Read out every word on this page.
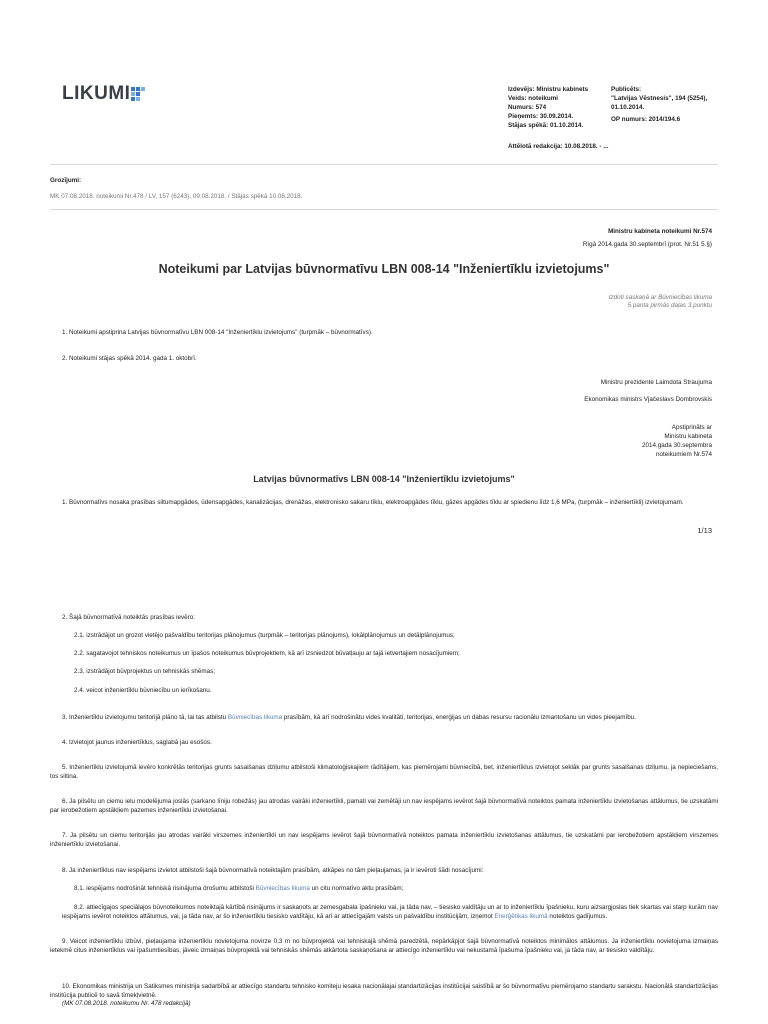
LIKUMI	Izdevējs: Ministru kabinets
Veids: noteikumi
Numurs: 574
Pieņemts: 30.09.2014.
Stājas spēkā: 01.10.2014.
Publicēts:
"Latvijas Vēstnesis", 194 (5254),
01.10.2014.
OP numurs: 2014/194.6
Attēlotā redakcija: 10.08.2018. - ...
Grozījumi:
MK 07.08.2018. noteikumi Nr.478 / LV, 157 (6243), 09.08.2018. / Stājas spēkā 10.08.2018.
Ministru kabineta noteikumi Nr.574
Rīgā 2014.gada 30.septembrī (prot. Nr.51 5.§)
Noteikumi par Latvijas būvnormatīvu LBN 008-14 "Inženiertīklu izvietojums"
Izdoti saskaņā ar Būvniecības likuma
5.panta pirmās daļas 3.punktu
1. Noteikumi apstiprina Latvijas būvnormatīvu LBN 008-14 "Inženiertīklu izvietojums" (turpmāk – būvnormatīvs).
2. Noteikumi stājas spēkā 2014. gada 1. oktobrī.
Ministru prezidente Laimdota Straujuma
Ekonomikas ministrs Vjačeslavs Dombrovskis
Apstiprināts ar
Ministru kabineta
2014.gada 30.septembra
noteikumiem Nr.574
Latvijas būvnormatīvs LBN 008-14 "Inženiertīklu izvietojums"
1. Būvnormatīvs nosaka prasības siltumapgādes, ūdensapgādes, kanalizācijas, drenāžas, elektronisko sakaru tīklu, elektroapgādes tīklu, gāzes apgādes tīklu ar spiedienu līdz 1,6 MPa, (turpmāk – inženiertīkli) izvietojumam.
1/13
2. Šajā būvnormatīvā noteiktās prasības ievēro:
2.1. izstrādājot un grozot vietējo pašvaldību teritorijas plānojumus (turpmāk – teritorijas plānojums), lokālplānojumus un detālplānojumus;
2.2. sagatavojot tehniskos noteikumus un īpašos noteikumus būvprojektiem, kā arī izsniedzot būvatļauju ar tajā ietvertajiem nosacījumiem;
2.3. izstrādājot būvprojektus un tehniskās shēmas;
2.4. veicot inženiertīklu būvniecību un ierīkošanu.
3. Inženiertīklu izvietojumu teritorijā plāno tā, lai tas atbilstu Būvniecības likuma prasībām, kā arī nodrošinātu vides kvalitāti, teritorijas, enerģijas un dabas resursu racionālu izmantošanu un vides pieejamību.
4. Izvietojot jaunus inženiertīklus, saglabā jau esošos.
5. Inženiertīklu izvietojumā ievēro konkrētās teritorijas grunts sasalšanas dziļumu atbilstoši klimatoloģiskajiem rādītājiem, kas piemērojami būvniecībā, bet, inženiertīklus izvietojot seklāk par grunts sasalšanas dziļumu, ja nepieciešams, tos siltina.
6. Ja pilsētu un ciemu ielu modelējuma joslās (sarkano līniju robežās) jau atrodas vairāki inženiertīkli, pamati vai zemētāji un nav iespējams ievērot šajā būvnormatīvā noteiktos pamata inženiertīklu izvietošanas attālumus, tie uzskatāmi par ierobežotiem apstākļiem pazemes inženiertīklu izvietošanai.
7. Ja pilsētu un ciemu teritorijās jau atrodas vairāki virszemes inženiertīkli un nav iespējams ievērot šajā būvnormatīvā noteiktos pamata inženiertīklu izvietošanas attālumus, tie uzskatāmi par ierobežotiem apstākļiem virszemes inženiertīklu izvietošanai.
8. Ja inženiertīklus nav iespējams izvietot atbilstoši šajā būvnormatīvā noteiktajām prasībām, atkāpes no tām pieļaujamas, ja ir ievēroti šādi nosacījumi:
8.1. iespējams nodrošināt tehniskā risinājuma drošumu atbilstoši Būvniecības likuma un citu normatīvo aktu prasībām;
8.2. attiecīgajos speciālajos būvnoteikumos noteiktajā kārtībā risinājums ir saskaņots ar zemesgabala īpašnieku vai, ja tāda nav, – tiesisko valdītāju un ar to inženiertīklu īpašnieku, kuru aizsargjoslas tiek skartas vai starp kurām nav iespējams ievērot noteiktos attālumus, vai, ja tāda nav, ar šo inženiertīklu tiesisko valdītāju, kā arī ar attiecīgajām valsts un pašvaldību institūcijām, izņemot Enerģētikas likumā noteiktos gadījumus.
9. Veicot inženiertīklu izbūvi, pieļaujama inženiertīklu novietojuma novirze 0,3 m no būvprojektā vai tehniskajā shēmā paredzētā, nepārkāpjot šajā būvnormatīvā noteiktos minimālos attālumus. Ja inženiertīklu novietojuma izmaiņas ietekmē citus inženiertīklus vai īpašumtiesības, jāveic izmaiņas būvprojektā vai tehniskās shēmās atkārtota saskaņošana ar attiecīgo inženiertīklu vai nekustamā īpašuma īpašnieku vai, ja tāda nav, ar tiesisko valdītāju.
10. Ekonomikas ministrija un Satiksmes ministrija sadarbībā ar attiecīgo standartu tehnisko komiteju iesaka nacionālajai standartizācijas institūcijai saistībā ar šo būvnormatīvu piemērojamo standartu sarakstu. Nacionālā standartizācijas institūcija publicē to savā tīmekļvietnē.
(MK 07.08.2018. noteikumu Nr. 478 redakcijā)
